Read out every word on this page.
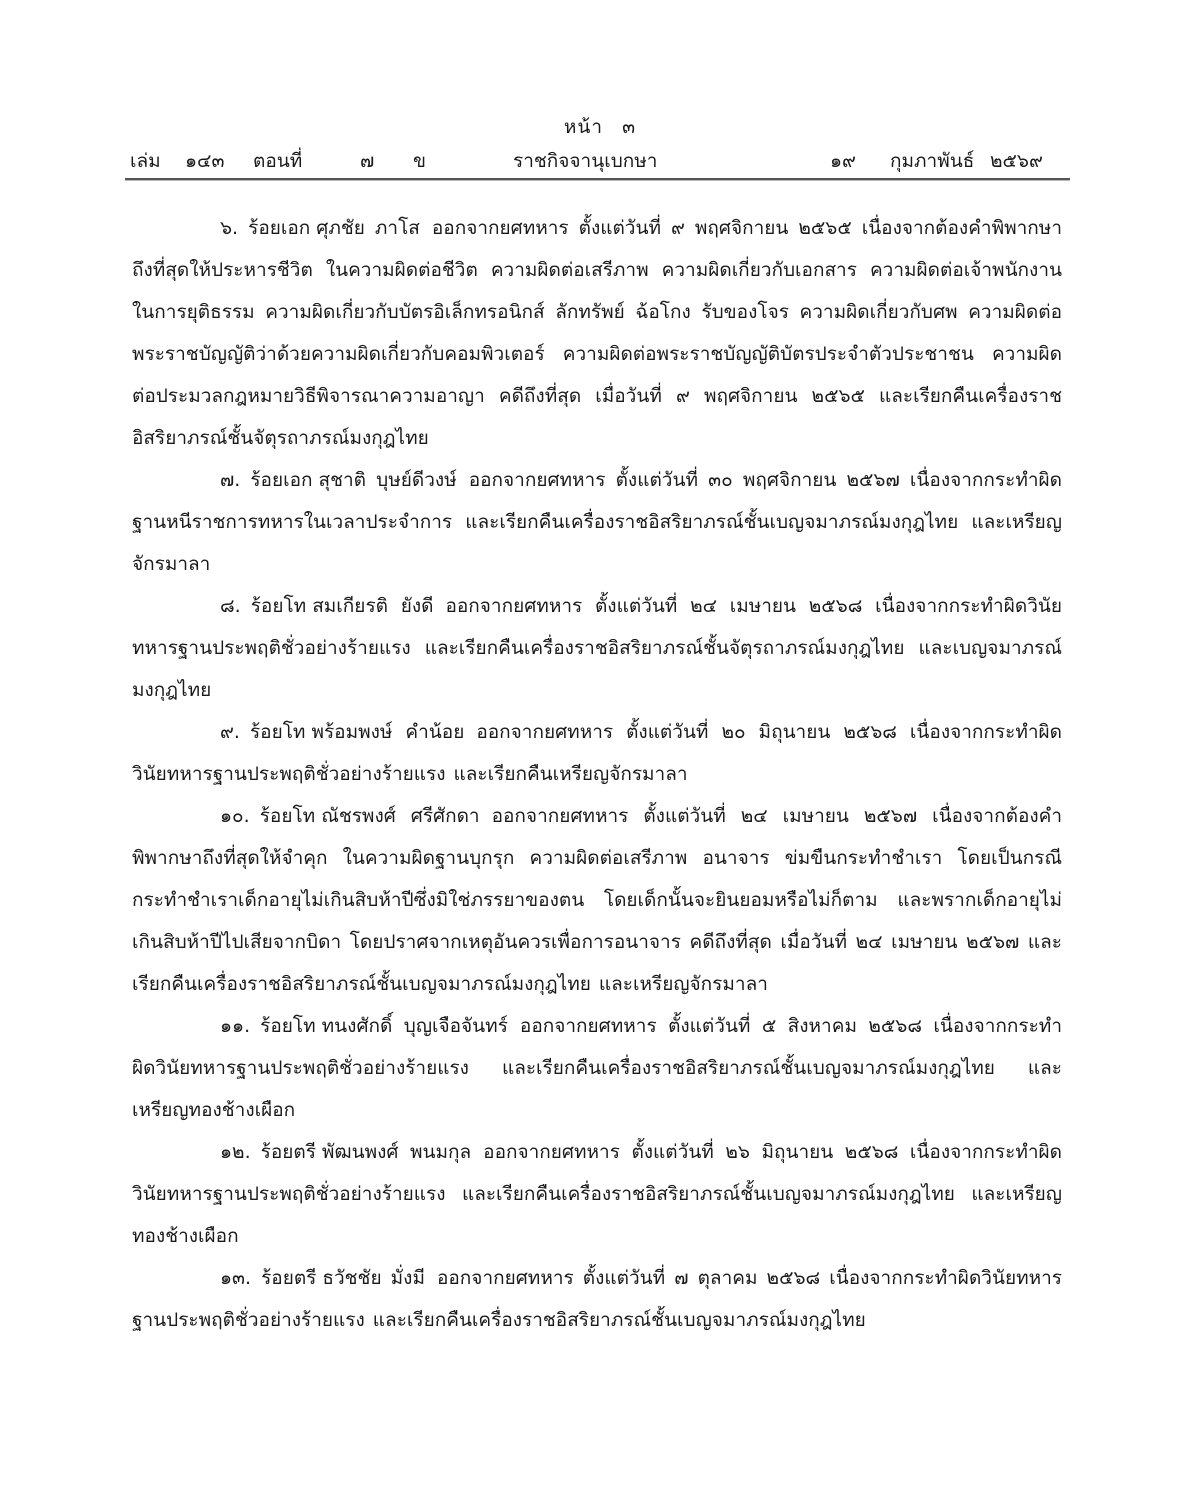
หน้า ๓
เล่ม ๑๔๓ ตอนที่	๗ ข	ราชกิจจานุเบกษา	๑๙ กุมภาพันธ์ ๒๕๖๙

๖. ร้อยเอก ศุภชัย ภาโส ออกจากยศทหาร ตั้งแต่วันที่ ๙ พฤศจิกายน ๒๕๖๕ เนื่องจากต้องคำพิพากษาถึงที่สุดให้ประหารชีวิต ในความผิดต่อชีวิต ความผิดต่อเสรีภาพ ความผิดเกี่ยวกับเอกสาร ความผิดต่อเจ้าพนักงานในการยุติธรรม ความผิดเกี่ยวกับบัตรอิเล็กทรอนิกส์ ลักทรัพย์ ฉ้อโกง รับของโจร ความผิดเกี่ยวกับศพ ความผิดต่อพระราชบัญญัติว่าด้วยความผิดเกี่ยวกับคอมพิวเตอร์ ความผิดต่อพระราชบัญญัติบัตรประจำตัวประชาชน ความผิดต่อประมวลกฎหมายวิธีพิจารณาความอาญา คดีถึงที่สุด เมื่อวันที่ ๙ พฤศจิกายน ๒๕๖๕ และเรียกคืนเครื่องราชอิสริยาภรณ์ชั้นจัตุรถาภรณ์มงกุฎไทย

๗. ร้อยเอก สุชาติ บุษย์ดีวงษ์ ออกจากยศทหาร ตั้งแต่วันที่ ๓๐ พฤศจิกายน ๒๕๖๗ เนื่องจากกระทำผิดฐานหนีราชการทหารในเวลาประจำการ และเรียกคืนเครื่องราชอิสริยาภรณ์ชั้นเบญจมาภรณ์มงกุฎไทย และเหรียญจักรมาลา

๘. ร้อยโท สมเกียรติ ยังดี ออกจากยศทหาร ตั้งแต่วันที่ ๒๔ เมษายน ๒๕๖๘ เนื่องจากกระทำผิดวินัยทหารฐานประพฤติชั่วอย่างร้ายแรง และเรียกคืนเครื่องราชอิสริยาภรณ์ชั้นจัตุรถาภรณ์มงกุฎไทย และเบญจมาภรณ์มงกุฎไทย

๙. ร้อยโท พร้อมพงษ์ คำน้อย ออกจากยศทหาร ตั้งแต่วันที่ ๒๐ มิถุนายน ๒๕๖๘ เนื่องจากกระทำผิดวินัยทหารฐานประพฤติชั่วอย่างร้ายแรง และเรียกคืนเหรียญจักรมาลา

๑๐. ร้อยโท ณัชรพงศ์ ศรีศักดา ออกจากยศทหาร ตั้งแต่วันที่ ๒๔ เมษายน ๒๕๖๗ เนื่องจากต้องคำพิพากษาถึงที่สุดให้จำคุก ในความผิดฐานบุกรุก ความผิดต่อเสรีภาพ อนาจาร ข่มขืนกระทำชำเรา โดยเป็นกรณีกระทำชำเราเด็กอายุไม่เกินสิบห้าปีซึ่งมิใช่ภรรยาของตน โดยเด็กนั้นจะยินยอมหรือไม่ก็ตาม และพรากเด็กอายุไม่เกินสิบห้าปีไปเสียจากบิดา โดยปราศจากเหตุอันควรเพื่อการอนาจาร คดีถึงที่สุด เมื่อวันที่ ๒๔ เมษายน ๒๕๖๗ และเรียกคืนเครื่องราชอิสริยาภรณ์ชั้นเบญจมาภรณ์มงกุฎไทย และเหรียญจักรมาลา

๑๑. ร้อยโท ทนงศักดิ์ บุญเจือจันทร์ ออกจากยศทหาร ตั้งแต่วันที่ ๕ สิงหาคม ๒๕๖๘ เนื่องจากกระทำผิดวินัยทหารฐานประพฤติชั่วอย่างร้ายแรง และเรียกคืนเครื่องราชอิสริยาภรณ์ชั้นเบญจมาภรณ์มงกุฎไทย และเหรียญทองช้างเผือก

๑๒. ร้อยตรี พัฒนพงศ์ พนมกุล ออกจากยศทหาร ตั้งแต่วันที่ ๒๖ มิถุนายน ๒๕๖๘ เนื่องจากกระทำผิดวินัยทหารฐานประพฤติชั่วอย่างร้ายแรง และเรียกคืนเครื่องราชอิสริยาภรณ์ชั้นเบญจมาภรณ์มงกุฎไทย และเหรียญทองช้างเผือก

๑๓. ร้อยตรี ธวัชชัย มั่งมี ออกจากยศทหาร ตั้งแต่วันที่ ๗ ตุลาคม ๒๕๖๘ เนื่องจากกระทำผิดวินัยทหารฐานประพฤติชั่วอย่างร้ายแรง และเรียกคืนเครื่องราชอิสริยาภรณ์ชั้นเบญจมาภรณ์มงกุฎไทย
